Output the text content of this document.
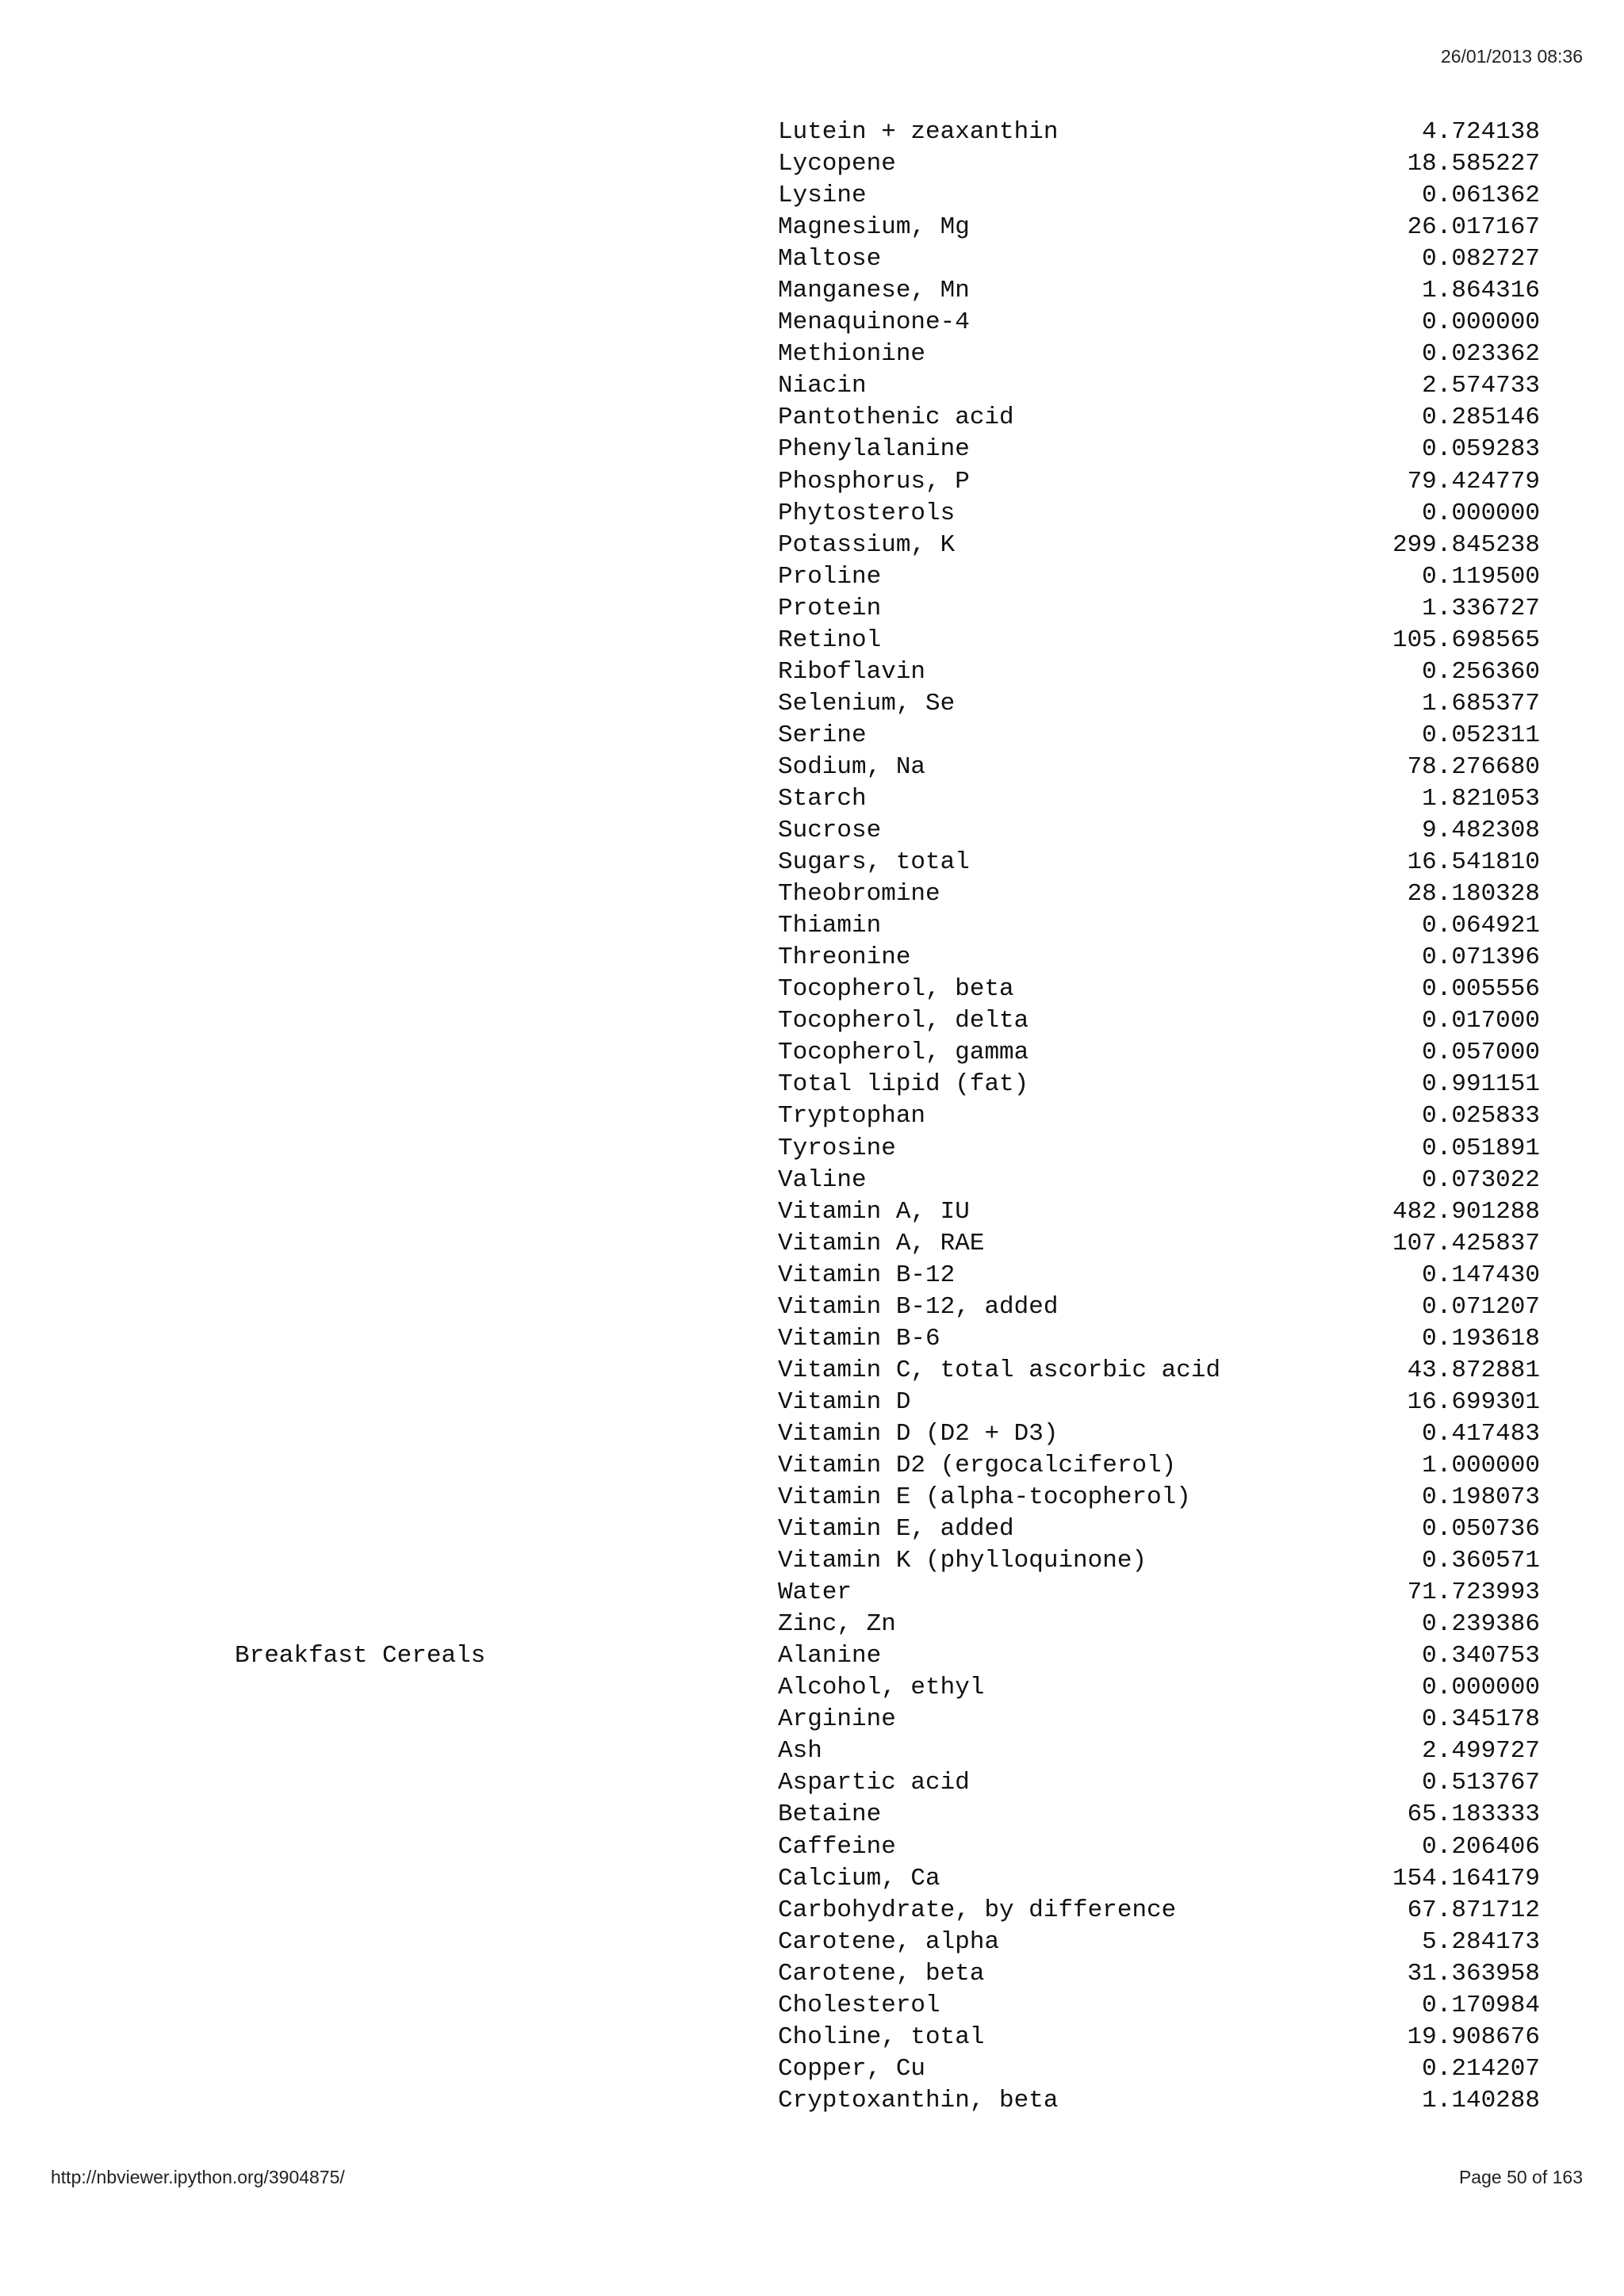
26/01/2013 08:36
Lutein + zeaxanthin	4.724138
Lycopene	18.585227
Lysine	0.061362
Magnesium, Mg	26.017167
Maltose	0.082727
Manganese, Mn	1.864316
Menaquinone-4	0.000000
Methionine	0.023362
Niacin	2.574733
Pantothenic acid	0.285146
Phenylalanine	0.059283
Phosphorus, P	79.424779
Phytosterols	0.000000
Potassium, K	299.845238
Proline	0.119500
Protein	1.336727
Retinol	105.698565
Riboflavin	0.256360
Selenium, Se	1.685377
Serine	0.052311
Sodium, Na	78.276680
Starch	1.821053
Sucrose	9.482308
Sugars, total	16.541810
Theobromine	28.180328
Thiamin	0.064921
Threonine	0.071396
Tocopherol, beta	0.005556
Tocopherol, delta	0.017000
Tocopherol, gamma	0.057000
Total lipid (fat)	0.991151
Tryptophan	0.025833
Tyrosine	0.051891
Valine	0.073022
Vitamin A, IU	482.901288
Vitamin A, RAE	107.425837
Vitamin B-12	0.147430
Vitamin B-12, added	0.071207
Vitamin B-6	0.193618
Vitamin C, total ascorbic acid	43.872881
Vitamin D	16.699301
Vitamin D (D2 + D3)	0.417483
Vitamin D2 (ergocalciferol)	1.000000
Vitamin E (alpha-tocopherol)	0.198073
Vitamin E, added	0.050736
Vitamin K (phylloquinone)	0.360571
Water	71.723993
Zinc, Zn	0.239386
Breakfast Cereals	Alanine	0.340753
Alcohol, ethyl	0.000000
Arginine	0.345178
Ash	2.499727
Aspartic acid	0.513767
Betaine	65.183333
Caffeine	0.206406
Calcium, Ca	154.164179
Carbohydrate, by difference	67.871712
Carotene, alpha	5.284173
Carotene, beta	31.363958
Cholesterol	0.170984
Choline, total	19.908676
Copper, Cu	0.214207
Cryptoxanthin, beta	1.140288
http://nbviewer.ipython.org/3904875/	Page 50 of 163
